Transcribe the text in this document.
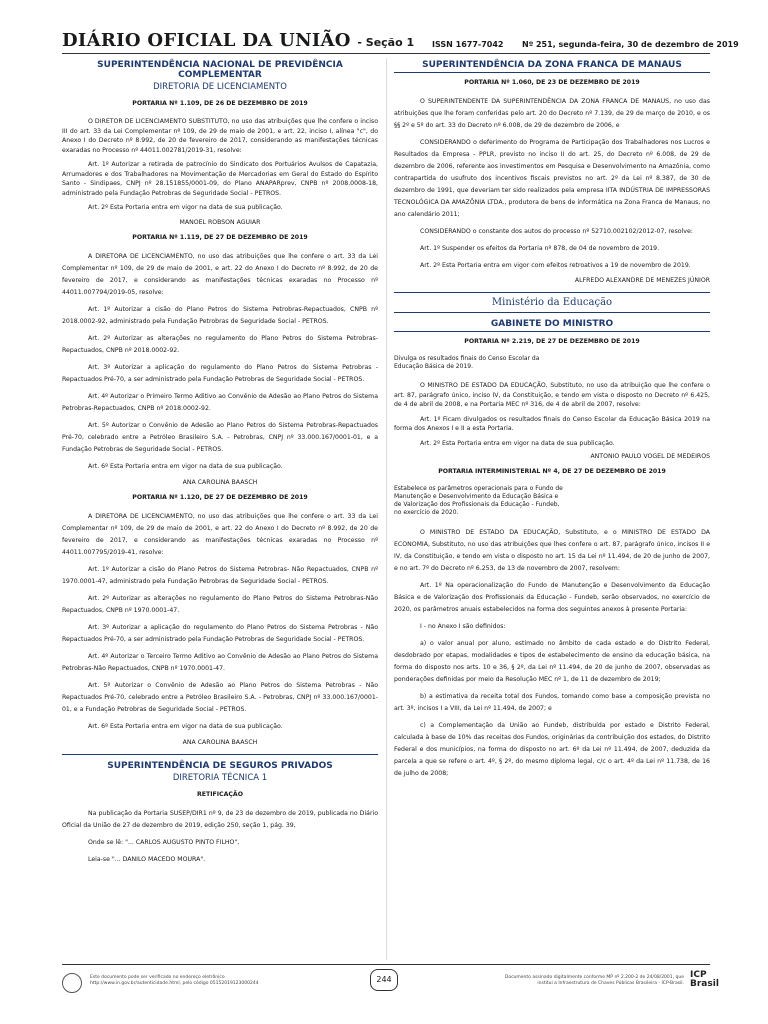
DIÁRIO OFICIAL DA UNIÃO - Seção 1 ISSN 1677-7042 Nº 251, segunda-feira, 30 de dezembro de 2019
SUPERINTENDÊNCIA NACIONAL DE PREVIDÊNCIA COMPLEMENTAR
DIRETORIA DE LICENCIAMENTO
PORTARIA Nº 1.109, DE 26 DE DEZEMBRO DE 2019

O DIRETOR DE LICENCIAMENTO SUBSTITUTO, no uso das atribuições que lhe confere o inciso III do art. 33 da Lei Complementar nº 109, de 29 de maio de 2001, e art. 22, inciso I, alínea "c", do Anexo I do Decreto nº 8.992, de 20 de fevereiro de 2017, considerando as manifestações técnicas exaradas no Processo nº 44011.002781/2019-31, resolve:

Art. 1º Autorizar a retirada de patrocínio do Sindicato dos Portuários Avulsos de Capatazia, Arrumadores e dos Trabalhadores na Movimentação de Mercadorias em Geral do Estado do Espírito Santo - Sindipaes, CNPJ nº 28.151855/0001-09, do Plano ANAPARprev, CNPB nº 2008.0008-18, administrado pela Fundação Petrobras de Seguridade Social - PETROS.

Art. 2º Esta Portaria entra em vigor na data de sua publicação.

MANOEL ROBSON AGUIAR
PORTARIA Nº 1.119, DE 27 DE DEZEMBRO DE 2019

A DIRETORA DE LICENCIAMENTO, no uso das atribuições que lhe confere o art. 33 da Lei Complementar nº 109, de 29 de maio de 2001, e art. 22 do Anexo I do Decreto nº 8.992, de 20 de fevereiro de 2017, e considerando as manifestações técnicas exaradas no Processo nº 44011.007794/2019-05, resolve:

Art. 1º Autorizar a cisão do Plano Petros do Sistema Petrobras-Repactuados, CNPB nº 2018.0002-92, administrado pela Fundação Petrobras de Seguridade Social - PETROS.

Art. 2º Autorizar as alterações no regulamento do Plano Petros do Sistema Petrobras-Repactuados, CNPB nº 2018.0002-92.

Art. 3º Autorizar a aplicação do regulamento do Plano Petros do Sistema Petrobras - Repactuados Pré-70, a ser administrado pela Fundação Petrobras de Seguridade Social - PETROS.

Art. 4º Autorizar o Primeiro Termo Aditivo ao Convênio de Adesão ao Plano Petros do Sistema Petrobras-Repactuados, CNPB nº 2018.0002-92.

Art. 5º Autorizar o Convênio de Adesão ao Plano Petros do Sistema Petrobras-Repactuados Pré-70, celebrado entre a Petróleo Brasileiro S.A. - Petrobras, CNPJ nº 33.000.167/0001-01, e a Fundação Petrobras de Seguridade Social - PETROS.

Art. 6º Esta Portaria entra em vigor na data de sua publicação.

ANA CAROLINA BAASCH
PORTARIA Nº 1.120, DE 27 DE DEZEMBRO DE 2019

A DIRETORA DE LICENCIAMENTO, no uso das atribuições que lhe confere o art. 33 da Lei Complementar nº 109, de 29 de maio de 2001, e art. 22 do Anexo I do Decreto nº 8.992, de 20 de fevereiro de 2017, e considerando as manifestações técnicas exaradas no Processo nº 44011.007795/2019-41, resolve:

Art. 1º Autorizar a cisão do Plano Petros do Sistema Petrobras- Não Repactuados, CNPB nº 1970.0001-47, administrado pela Fundação Petrobras de Seguridade Social - PETROS.

Art. 2º Autorizar as alterações no regulamento do Plano Petros do Sistema Petrobras-Não Repactuados, CNPB nº 1970.0001-47.

Art. 3º Autorizar a aplicação do regulamento do Plano Petros do Sistema Petrobras - Não Repactuados Pré-70, a ser administrado pela Fundação Petrobras de Seguridade Social - PETROS.

Art. 4º Autorizar o Terceiro Termo Aditivo ao Convênio de Adesão ao Plano Petros do Sistema Petrobras-Não Repactuados, CNPB nº 1970.0001-47.

Art. 5º Autorizar o Convênio de Adesão ao Plano Petros do Sistema Petrobras - Não Repactuados Pré-70, celebrado entre a Petróleo Brasileiro S.A. - Petrobras, CNPJ nº 33.000.167/0001-01, e a Fundação Petrobras de Seguridade Social - PETROS.

Art. 6º Esta Portaria entra em vigor na data de sua publicação.

ANA CAROLINA BAASCH
SUPERINTENDÊNCIA DE SEGUROS PRIVADOS
DIRETORIA TÉCNICA 1
RETIFICAÇÃO

Na publicação da Portaria SUSEP/DIR1 nº 9, de 23 de dezembro de 2019, publicada no Diário Oficial da União de 27 de dezembro de 2019, edição 250, seção 1, pág. 39,

Onde se lê: "... CARLOS AUGUSTO PINTO FILHO",

Leia-se "... DANILO MACEDO MOURA".

SUPERINTENDÊNCIA DA ZONA FRANCA DE MANAUS
PORTARIA Nº 1.060, DE 23 DE DEZEMBRO DE 2019

O SUPERINTENDENTE DA SUPERINTENDÊNCIA DA ZONA FRANCA DE MANAUS, no uso das atribuições que lhe foram conferidas pelo art. 20 do Decreto nº 7.139, de 29 de março de 2010, e os §§ 2º e 5º do art. 33 do Decreto nº 6.008, de 29 de dezembro de 2006, e

CONSIDERANDO o deferimento do Programa de Participação dos Trabalhadores nos Lucros e Resultados da Empresa - PPLR, previsto no inciso II do art. 25, do Decreto nº 6.008, de 29 de dezembro de 2006, referente aos investimentos em Pesquisa e Desenvolvimento na Amazônia, como contrapartida do usufruto dos incentivos fiscais previstos no art. 2º da Lei nº 8.387, de 30 de dezembro de 1991, que deveriam ter sido realizados pela empresa IITA INDÚSTRIA DE IMPRESSORAS TECNOLÓGICA DA AMAZÔNIA LTDA., produtora de bens de informática na Zona Franca de Manaus, no ano calendário 2011;

CONSIDERANDO o constante dos autos do processo nº 52710.002102/2012-07, resolve:

Art. 1º Suspender os efeitos da Portaria nº 878, de 04 de novembro de 2019.

Art. 2º Esta Portaria entra em vigor com efeitos retroativos a 19 de novembro de 2019.

ALFREDO ALEXANDRE DE MENEZES JÚNIOR
Ministério da Educação
GABINETE DO MINISTRO
PORTARIA Nº 2.219, DE 27 DE DEZEMBRO DE 2019

Divulga os resultados finais do Censo Escolar da Educação Básica de 2019.

O MINISTRO DE ESTADO DA EDUCAÇÃO, Substituto, no uso da atribuição que lhe confere o art. 87, parágrafo único, inciso IV, da Constituição, e tendo em vista o disposto no Decreto nº 6.425, de 4 de abril de 2008, e na Portaria MEC nº 316, de 4 de abril de 2007, resolve:

Art. 1º Ficam divulgados os resultados finais do Censo Escolar da Educação Básica 2019 na forma dos Anexos I e II a esta Portaria.

Art. 2º Esta Portaria entra em vigor na data de sua publicação.

ANTONIO PAULO VOGEL DE MEDEIROS
PORTARIA INTERMINISTERIAL Nº 4, DE 27 DE DEZEMBRO DE 2019

Estabelece os parâmetros operacionais para o Fundo de Manutenção e Desenvolvimento da Educação Básica e de Valorização dos Profissionais da Educação - Fundeb, no exercício de 2020.

O MINISTRO DE ESTADO DA EDUCAÇÃO, Substituto, e o MINISTRO DE ESTADO DA ECONOMIA, Substituto, no uso das atribuições que lhes confere o art. 87, parágrafo único, incisos II e IV, da Constituição, e tendo em vista o disposto no art. 15 da Lei nº 11.494, de 20 de junho de 2007, e no art. 7º do Decreto nº 6.253, de 13 de novembro de 2007, resolvem:

Art. 1º Na operacionalização do Fundo de Manutenção e Desenvolvimento da Educação Básica e de Valorização dos Profissionais da Educação - Fundeb, serão observados, no exercício de 2020, os parâmetros anuais estabelecidos na forma dos seguintes anexos à presente Portaria:

I - no Anexo I são definidos:

a) o valor anual por aluno, estimado no âmbito de cada estado e do Distrito Federal, desdobrado por etapas, modalidades e tipos de estabelecimento de ensino da educação básica, na forma do disposto nos arts. 10 e 36, § 2º, da Lei nº 11.494, de 20 de junho de 2007, observadas as ponderações definidas por meio da Resolução MEC nº 1, de 11 de dezembro de 2019;

b) a estimativa da receita total dos Fundos, tomando como base a composição prevista no art. 3º, incisos I a VIII, da Lei nº 11.494, de 2007; e

c) a Complementação da União ao Fundeb, distribuída por estado e Distrito Federal, calculada à base de 10% das receitas dos Fundos, originárias da contribuição dos estados, do Distrito Federal e dos municípios, na forma do disposto no art. 6º da Lei nº 11.494, de 2007, deduzida da parcela a que se refere o art. 4º, § 2º, do mesmo diploma legal, c/c o art. 4º da Lei nº 11.738, de 16 de julho de 2008;

Este documento pode ser verificado no endereço eletrônico http://www.in.gov.br/autenticidade.html, pelo código 05152019123000244	244	Documento assinado digitalmente conforme MP nº 2.200-2 de 24/08/2001, que institui a Infraestrutura de Chaves Públicas Brasileira - ICP-Brasil.
ICP Brasil
